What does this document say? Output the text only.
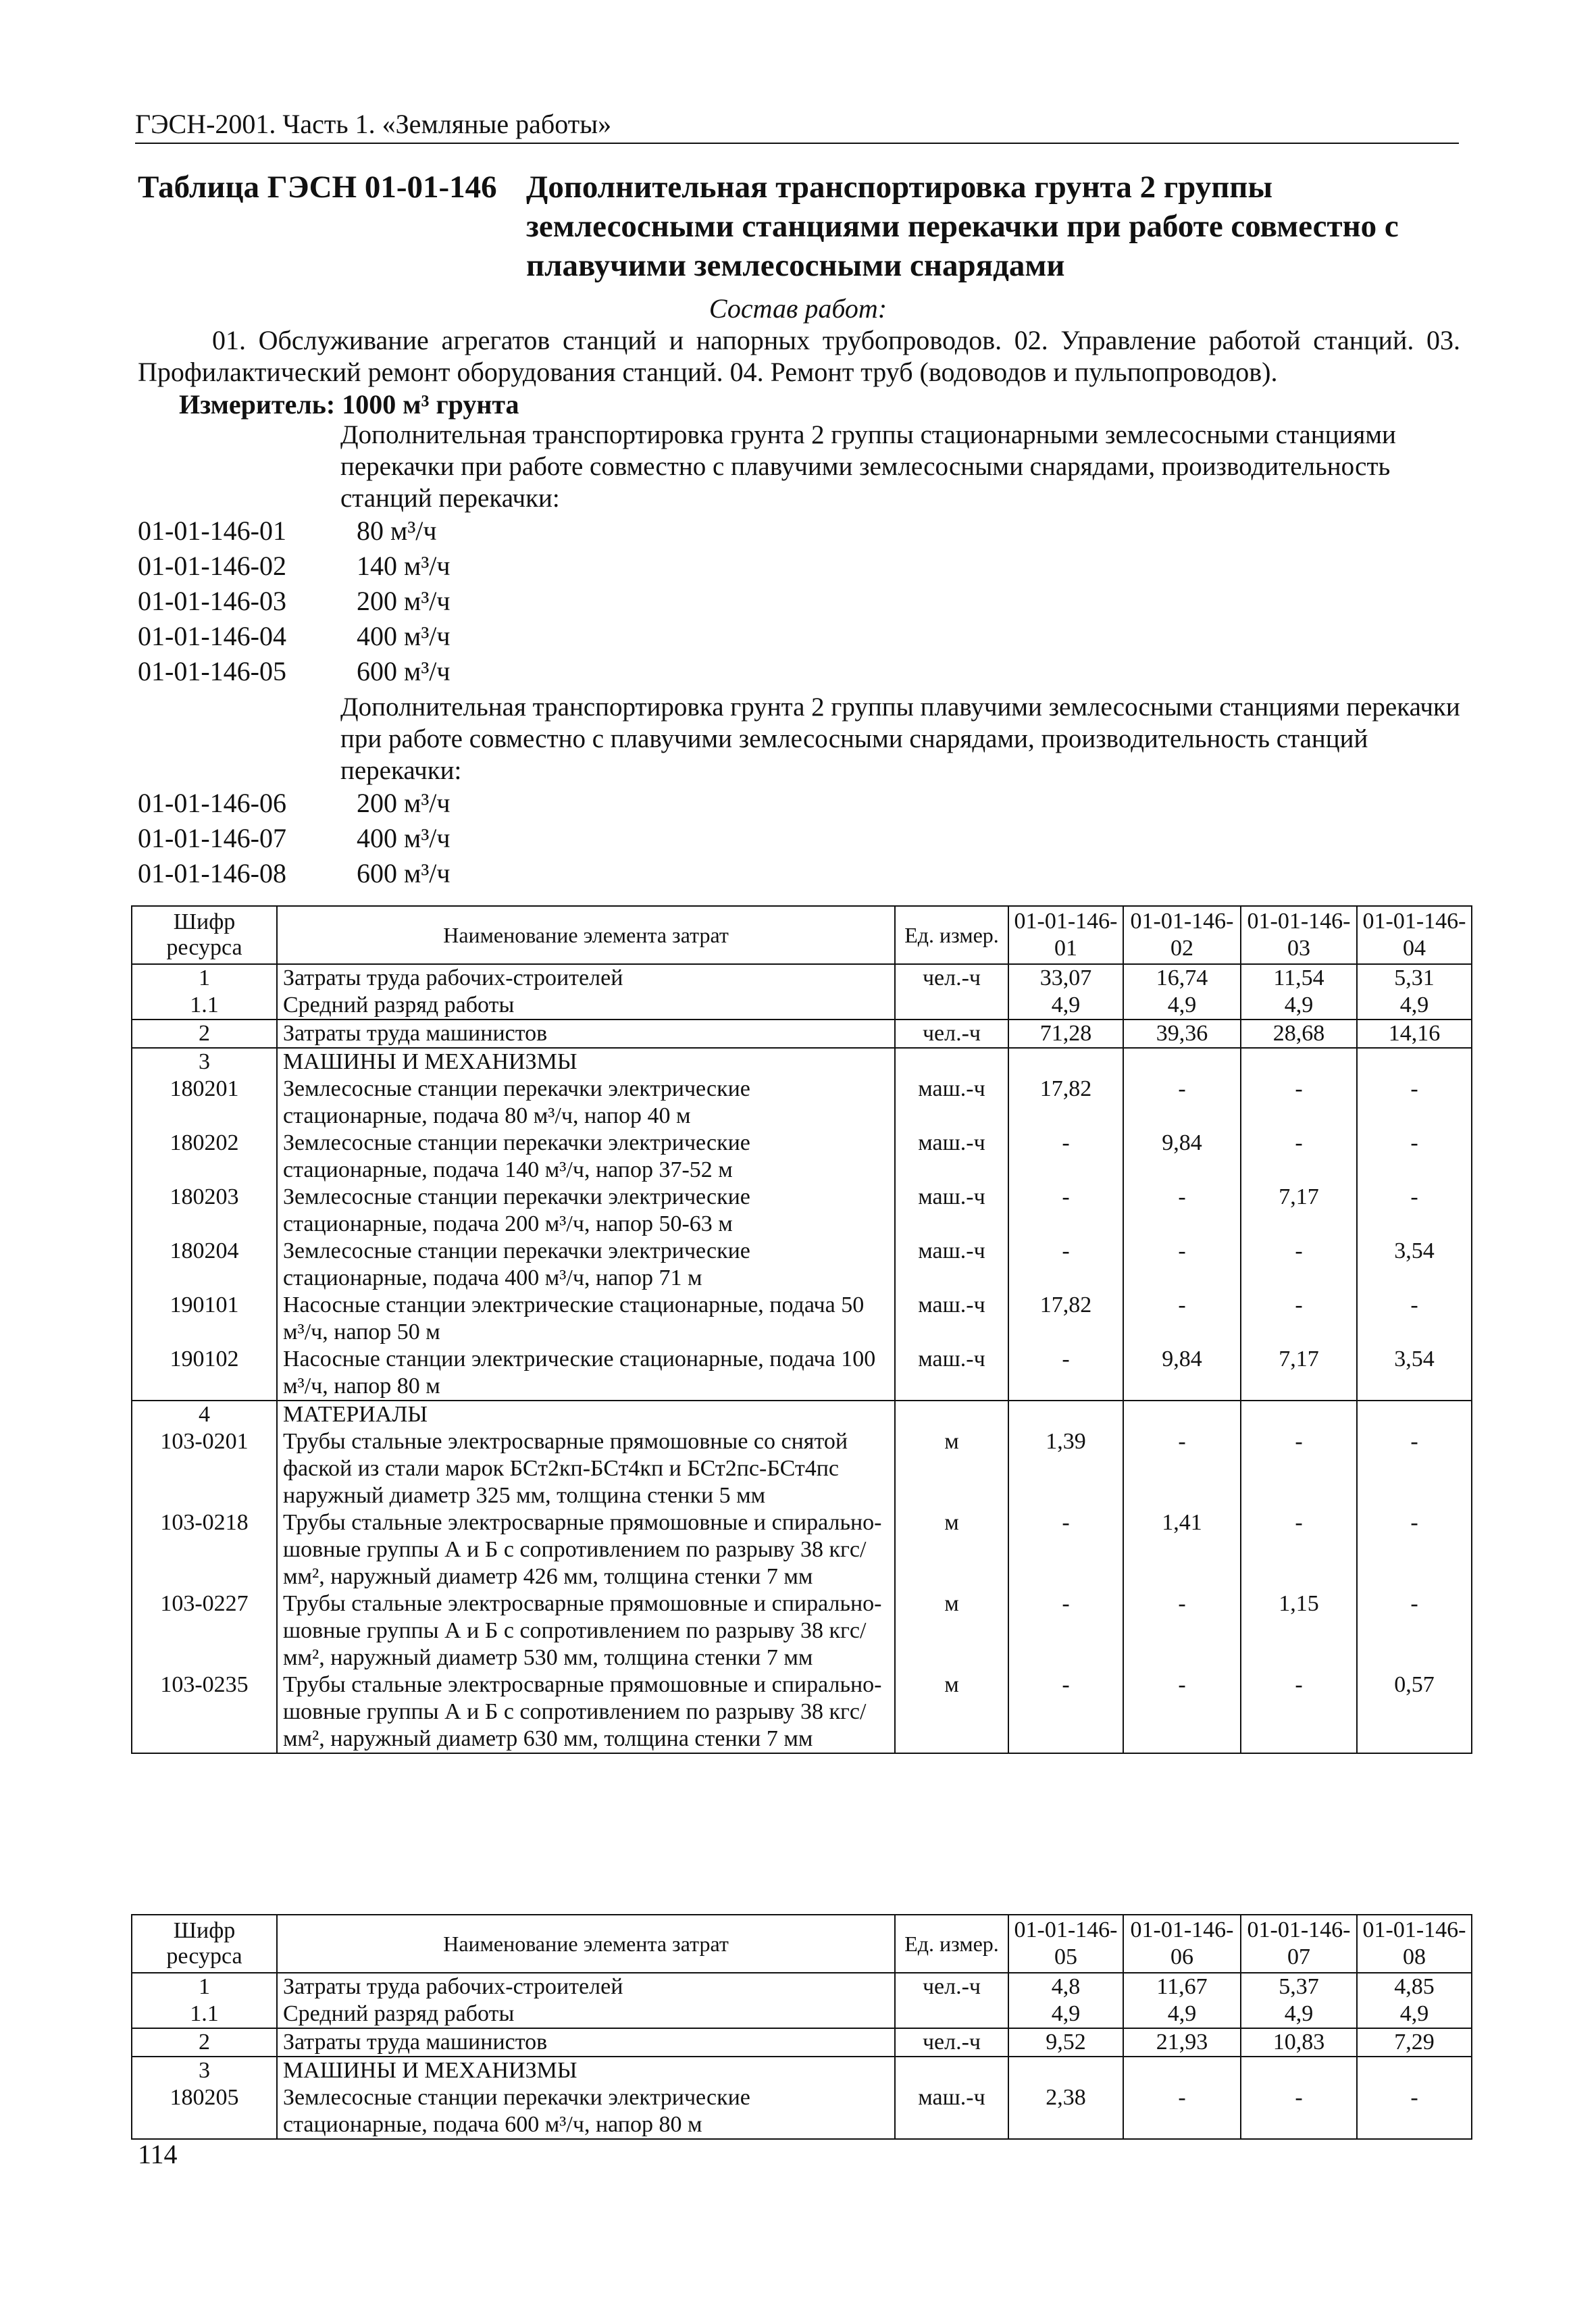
ГЭСН-2001. Часть 1. «Земляные работы»
Таблица ГЭСН 01-01-146 Дополнительная транспортировка грунта 2 группы землесосными станциями перекачки при работе совместно с плавучими землесосными снарядами
Состав работ:
01. Обслуживание агрегатов станций и напорных трубопроводов. 02. Управление работой станций. 03. Профилактический ремонт оборудования станций. 04. Ремонт труб (водоводов и пульпопроводов).
Измеритель: 1000 м³ грунта
Дополнительная транспортировка грунта 2 группы стационарными землесосными станциями перекачки при работе совместно с плавучими землесосными снарядами, производительность станций перекачки:
01-01-146-01	80 м³/ч
01-01-146-02	140 м³/ч
01-01-146-03	200 м³/ч
01-01-146-04	400 м³/ч
01-01-146-05	600 м³/ч
Дополнительная транспортировка грунта 2 группы плавучими землесосными станциями перекачки при работе совместно с плавучими землесосными снарядами, производительность станций перекачки:
01-01-146-06	200 м³/ч
01-01-146-07	400 м³/ч
01-01-146-08	600 м³/ч
Шифр ресурса	Наименование элемента затрат	Ед. измер.	01-01-146-01	01-01-146-02	01-01-146-03	01-01-146-04
1	Затраты труда рабочих-строителей	чел.-ч	33,07	16,74	11,54	5,31
1.1	Средний разряд работы		4,9	4,9	4,9	4,9
2	Затраты труда машинистов	чел.-ч	71,28	39,36	28,68	14,16
3	МАШИНЫ И МЕХАНИЗМЫ					
180201	Землесосные станции перекачки электрические стационарные, подача 80 м³/ч, напор 40 м	маш.-ч	17,82	-	-	-
180202	Землесосные станции перекачки электрические стационарные, подача 140 м³/ч, напор 37-52 м	маш.-ч	-	9,84	-	-
180203	Землесосные станции перекачки электрические стационарные, подача 200 м³/ч, напор 50-63 м	маш.-ч	-	-	7,17	-
180204	Землесосные станции перекачки электрические стационарные, подача 400 м³/ч, напор 71 м	маш.-ч	-	-	-	3,54
190101	Насосные станции электрические стационарные, подача 50 м³/ч, напор 50 м	маш.-ч	17,82	-	-	-
190102	Насосные станции электрические стационарные, подача 100 м³/ч, напор 80 м	маш.-ч	-	9,84	7,17	3,54
4	МАТЕРИАЛЫ					
103-0201	Трубы стальные электросварные прямошовные со снятой фаской из стали марок БСт2кп-БСт4кп и БСт2пс-БСт4пс наружный диаметр 325 мм, толщина стенки 5 мм	м	1,39	-	-	-
103-0218	Трубы стальные электросварные прямошовные и спирально-шовные группы А и Б с сопротивлением по разрыву 38 кгс/мм², наружный диаметр 426 мм, толщина стенки 7 мм	м	-	1,41	-	-
103-0227	Трубы стальные электросварные прямошовные и спирально-шовные группы А и Б с сопротивлением по разрыву 38 кгс/мм², наружный диаметр 530 мм, толщина стенки 7 мм	м	-	-	1,15	-
103-0235	Трубы стальные электросварные прямошовные и спирально-шовные группы А и Б с сопротивлением по разрыву 38 кгс/мм², наружный диаметр 630 мм, толщина стенки 7 мм	м	-	-	-	0,57
Шифр ресурса	Наименование элемента затрат	Ед. измер.	01-01-146-05	01-01-146-06	01-01-146-07	01-01-146-08
1	Затраты труда рабочих-строителей	чел.-ч	4,8	11,67	5,37	4,85
1.1	Средний разряд работы		4,9	4,9	4,9	4,9
2	Затраты труда машинистов	чел.-ч	9,52	21,93	10,83	7,29
3	МАШИНЫ И МЕХАНИЗМЫ					
180205	Землесосные станции перекачки электрические стационарные, подача 600 м³/ч, напор 80 м	маш.-ч	2,38	-	-	-
114
